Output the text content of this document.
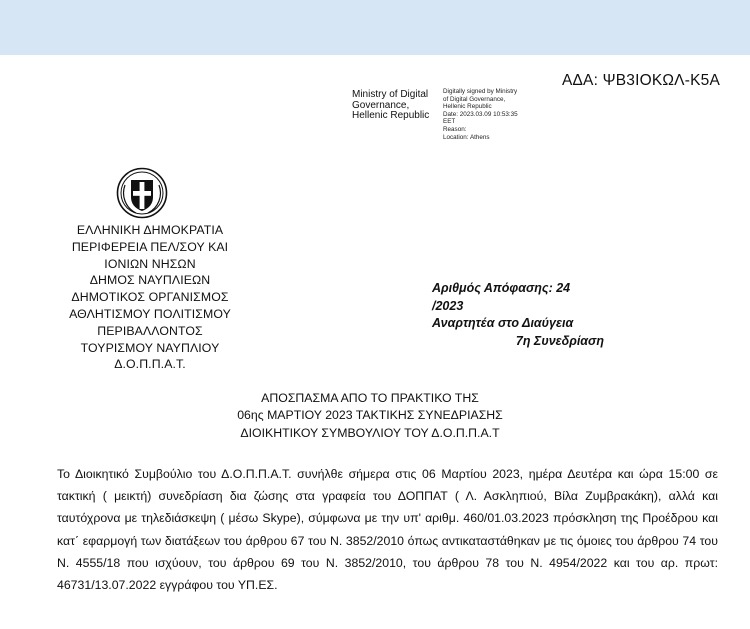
ΑΔΑ: ΨΒ3ΙΟΚΩΛ-Κ5Α
Ministry of Digital
Governance,
Hellenic Republic
Digitally signed by Ministry
of Digital Governance,
Hellenic Republic
Date: 2023.03.09 10:53:35
EET
Reason:
Location: Athens
ΕΛΛΗΝΙΚΗ ΔΗΜΟΚΡΑΤΙΑ
ΠΕΡΙΦΕΡΕΙΑ ΠΕΛ/ΣΟΥ ΚΑΙ
ΙΟΝΙΩΝ ΝΗΣΩΝ
ΔΗΜΟΣ ΝΑΥΠΛΙΕΩΝ
ΔΗΜΟΤΙΚΟΣ ΟΡΓΑΝΙΣΜΟΣ
ΑΘΛΗΤΙΣΜΟΥ ΠΟΛΙΤΙΣΜΟΥ
ΠΕΡΙΒΑΛΛΟΝΤΟΣ
ΤΟΥΡΙΣΜΟΥ ΝΑΥΠΛΙΟΥ
Δ.Ο.Π.Π.Α.Τ.
Αριθμός Απόφασης: 24 /2023
Αναρτητέα στο Διαύγεια
7η Συνεδρίαση
ΑΠΟΣΠΑΣΜΑ ΑΠΟ ΤΟ ΠΡΑΚΤΙΚΟ ΤΗΣ
06ης ΜΑΡΤΙΟΥ 2023 ΤΑΚΤΙΚΗΣ ΣΥΝΕΔΡΙΑΣΗΣ
ΔΙΟΙΚΗΤΙΚΟΥ ΣΥΜΒΟΥΛΙΟΥ ΤΟΥ Δ.Ο.Π.Π.Α.Τ
Το Διοικητικό Συμβούλιο του Δ.Ο.Π.Π.Α.Τ. συνήλθε σήμερα στις 06 Μαρτίου 2023, ημέρα Δευτέρα και ώρα 15:00 σε τακτική ( μεικτή) συνεδρίαση δια ζώσης στα γραφεία του ΔΟΠΠΑΤ ( Λ. Ασκληπιού, Βίλα Ζυμβρακάκη), αλλά και ταυτόχρονα με τηλεδιάσκεψη ( μέσω Skype), σύμφωνα με την υπ' αριθμ. 460/01.03.2023 πρόσκληση της Προέδρου και κατ΄ εφαρμογή των διατάξεων του άρθρου 67 του Ν. 3852/2010 όπως αντικαταστάθηκαν με τις όμοιες του άρθρου 74 του Ν. 4555/18 που ισχύουν, του άρθρου 69 του Ν. 3852/2010, του άρθρου 78 του Ν. 4954/2022 και του αρ. πρωτ: 46731/13.07.2022 εγγράφου του ΥΠ.ΕΣ.
